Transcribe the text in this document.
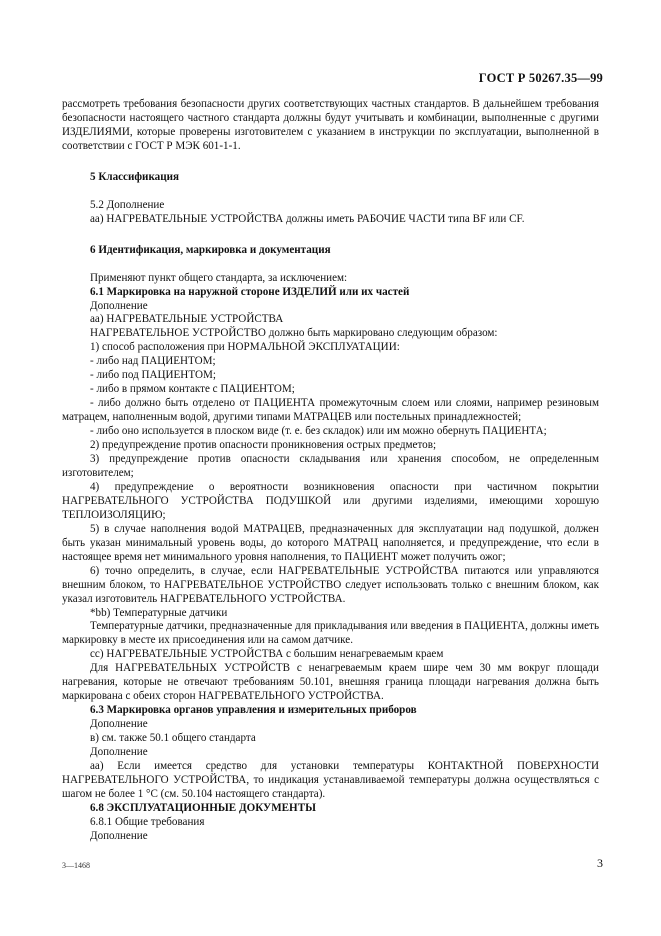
ГОСТ Р 50267.35—99

рассмотреть требования безопасности других соответствующих частных стандартов. В дальнейшем требования безопасности настоящего частного стандарта должны будут учитывать и комбинации, выполненные с другими ИЗДЕЛИЯМИ, которые проверены изготовителем с указанием в инструкции по эксплуатации, выполненной в соответствии с ГОСТ Р МЭК 601-1-1.

5 Классификация

5.2 Дополнение

аа) НАГРЕВАТЕЛЬНЫЕ УСТРОЙСТВА должны иметь РАБОЧИЕ ЧАСТИ типа BF или CF.

6 Идентификация, маркировка и документация

Применяют пункт общего стандарта, за исключением:

6.1 Маркировка на наружной стороне ИЗДЕЛИЙ или их частей

Дополнение

аа) НАГРЕВАТЕЛЬНЫЕ УСТРОЙСТВА

НАГРЕВАТЕЛЬНОЕ УСТРОЙСТВО должно быть маркировано следующим образом:

1) способ расположения при НОРМАЛЬНОЙ ЭКСПЛУАТАЦИИ:

- либо над ПАЦИЕНТОМ;

- либо под ПАЦИЕНТОМ;

- либо в прямом контакте с ПАЦИЕНТОМ;

- либо должно быть отделено от ПАЦИЕНТА промежуточным слоем или слоями, например резиновым матрацем, наполненным водой, другими типами МАТРАЦЕВ или постельных принадлежностей;

- либо оно используется в плоском виде (т. е. без складок) или им можно обернуть ПАЦИЕНТА;

2) предупреждение против опасности проникновения острых предметов;

3) предупреждение против опасности складывания или хранения способом, не определенным изготовителем;

4) предупреждение о вероятности возникновения опасности при частичном покрытии НАГРЕВАТЕЛЬНОГО УСТРОЙСТВА ПОДУШКОЙ или другими изделиями, имеющими хорошую ТЕПЛОИЗОЛЯЦИЮ;

5) в случае наполнения водой МАТРАЦЕВ, предназначенных для эксплуатации над подушкой, должен быть указан минимальный уровень воды, до которого МАТРАЦ наполняется, и предупреждение, что если в настоящее время нет минимального уровня наполнения, то ПАЦИЕНТ может получить ожог;

6) точно определить, в случае, если НАГРЕВАТЕЛЬНЫЕ УСТРОЙСТВА питаются или управляются внешним блоком, то НАГРЕВАТЕЛЬНОЕ УСТРОЙСТВО следует использовать только с внешним блоком, как указал изготовитель НАГРЕВАТЕЛЬНОГО УСТРОЙСТВА.

*bb) Температурные датчики

Температурные датчики, предназначенные для прикладывания или введения в ПАЦИЕНТА, должны иметь маркировку в месте их присоединения или на самом датчике.

сс) НАГРЕВАТЕЛЬНЫЕ УСТРОЙСТВА с большим ненагреваемым краем

Для НАГРЕВАТЕЛЬНЫХ УСТРОЙСТВ с ненагреваемым краем шире чем 30 мм вокруг площади нагревания, которые не отвечают требованиям 50.101, внешняя граница площади нагревания должна быть маркирована с обеих сторон НАГРЕВАТЕЛЬНОГО УСТРОЙСТВА.

6.3 Маркировка органов управления и измерительных приборов

Дополнение

в) см. также 50.1 общего стандарта

Дополнение

аа) Если имеется средство для установки температуры КОНТАКТНОЙ ПОВЕРХНОСТИ НАГРЕВАТЕЛЬНОГО УСТРОЙСТВА, то индикация устанавливаемой температуры должна осуществляться с шагом не более 1 °С (см. 50.104 настоящего стандарта).

6.8 ЭКСПЛУАТАЦИОННЫЕ ДОКУМЕНТЫ

6.8.1 Общие требования

Дополнение

3—1468	3
